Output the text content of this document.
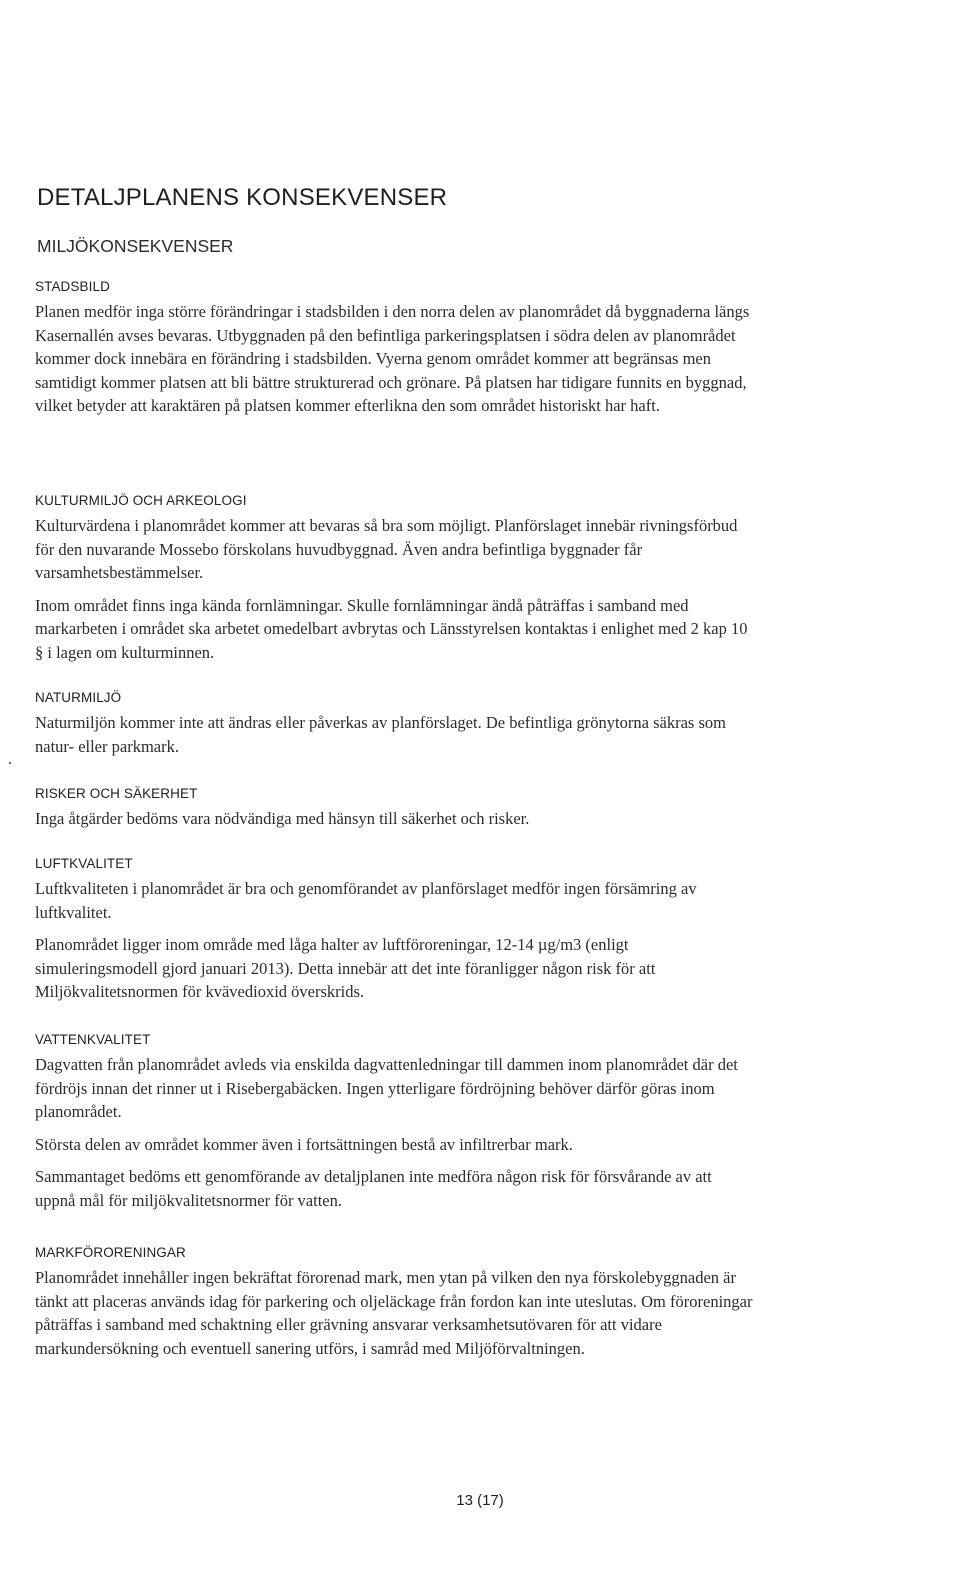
DETALJPLANENS KONSEKVENSER
MILJÖKONSEKVENSER
STADSBILD

Planen medför inga större förändringar i stadsbilden i den norra delen av planområdet då byggnaderna längs Kasernallén avses bevaras. Utbyggnaden på den befintliga parkeringsplatsen i södra delen av planområdet kommer dock innebära en förändring i stadsbilden. Vyerna genom området kommer att begränsas men samtidigt kommer platsen att bli bättre strukturerad och grönare. På platsen har tidigare funnits en byggnad, vilket betyder att karaktären på platsen kommer efterlikna den som området historiskt har haft.

KULTURMILJÖ OCH ARKEOLOGI

Kulturvärdena i planområdet kommer att bevaras så bra som möjligt. Planförslaget innebär rivningsförbud för den nuvarande Mossebo förskolans huvudbyggnad. Även andra befintliga byggnader får varsamhetsbestämmelser.

Inom området finns inga kända fornlämningar. Skulle fornlämningar ändå påträffas i samband med markarbeten i området ska arbetet omedelbart avbrytas och Länsstyrelsen kontaktas i enlighet med 2 kap 10 § i lagen om kulturminnen.

NATURMILJÖ

Naturmiljön kommer inte att ändras eller påverkas av planförslaget. De befintliga grönytorna säkras som natur- eller parkmark.

RISKER OCH SÄKERHET

Inga åtgärder bedöms vara nödvändiga med hänsyn till säkerhet och risker.

LUFTKVALITET

Luftkvaliteten i planområdet är bra och genomförandet av planförslaget medför ingen försämring av luftkvalitet.

Planområdet ligger inom område med låga halter av luftföroreningar, 12-14 µg/m3 (enligt simuleringsmodell gjord januari 2013). Detta innebär att det inte föranligger någon risk för att Miljökvalitetsnormen för kvävedioxid överskrids.

VATTENKVALITET

Dagvatten från planområdet avleds via enskilda dagvattenledningar till dammen inom planområdet där det fördröjs innan det rinner ut i Risebergabäcken. Ingen ytterligare fördröjning behöver därför göras inom planområdet.

Största delen av området kommer även i fortsättningen bestå av infiltrerbar mark.

Sammantaget bedöms ett genomförande av detaljplanen inte medföra någon risk för försvårande av att uppnå mål för miljökvalitetsnormer för vatten.

MARKFÖRORENINGAR

Planområdet innehåller ingen bekräftat förorenad mark, men ytan på vilken den nya förskolebyggnaden är tänkt att placeras används idag för parkering och oljeläckage från fordon kan inte uteslutas. Om föroreningar påträffas i samband med schaktning eller grävning ansvarar verksamhetsutövaren för att vidare markundersökning och eventuell sanering utförs, i samråd med Miljöförvaltningen.

13 (17)
